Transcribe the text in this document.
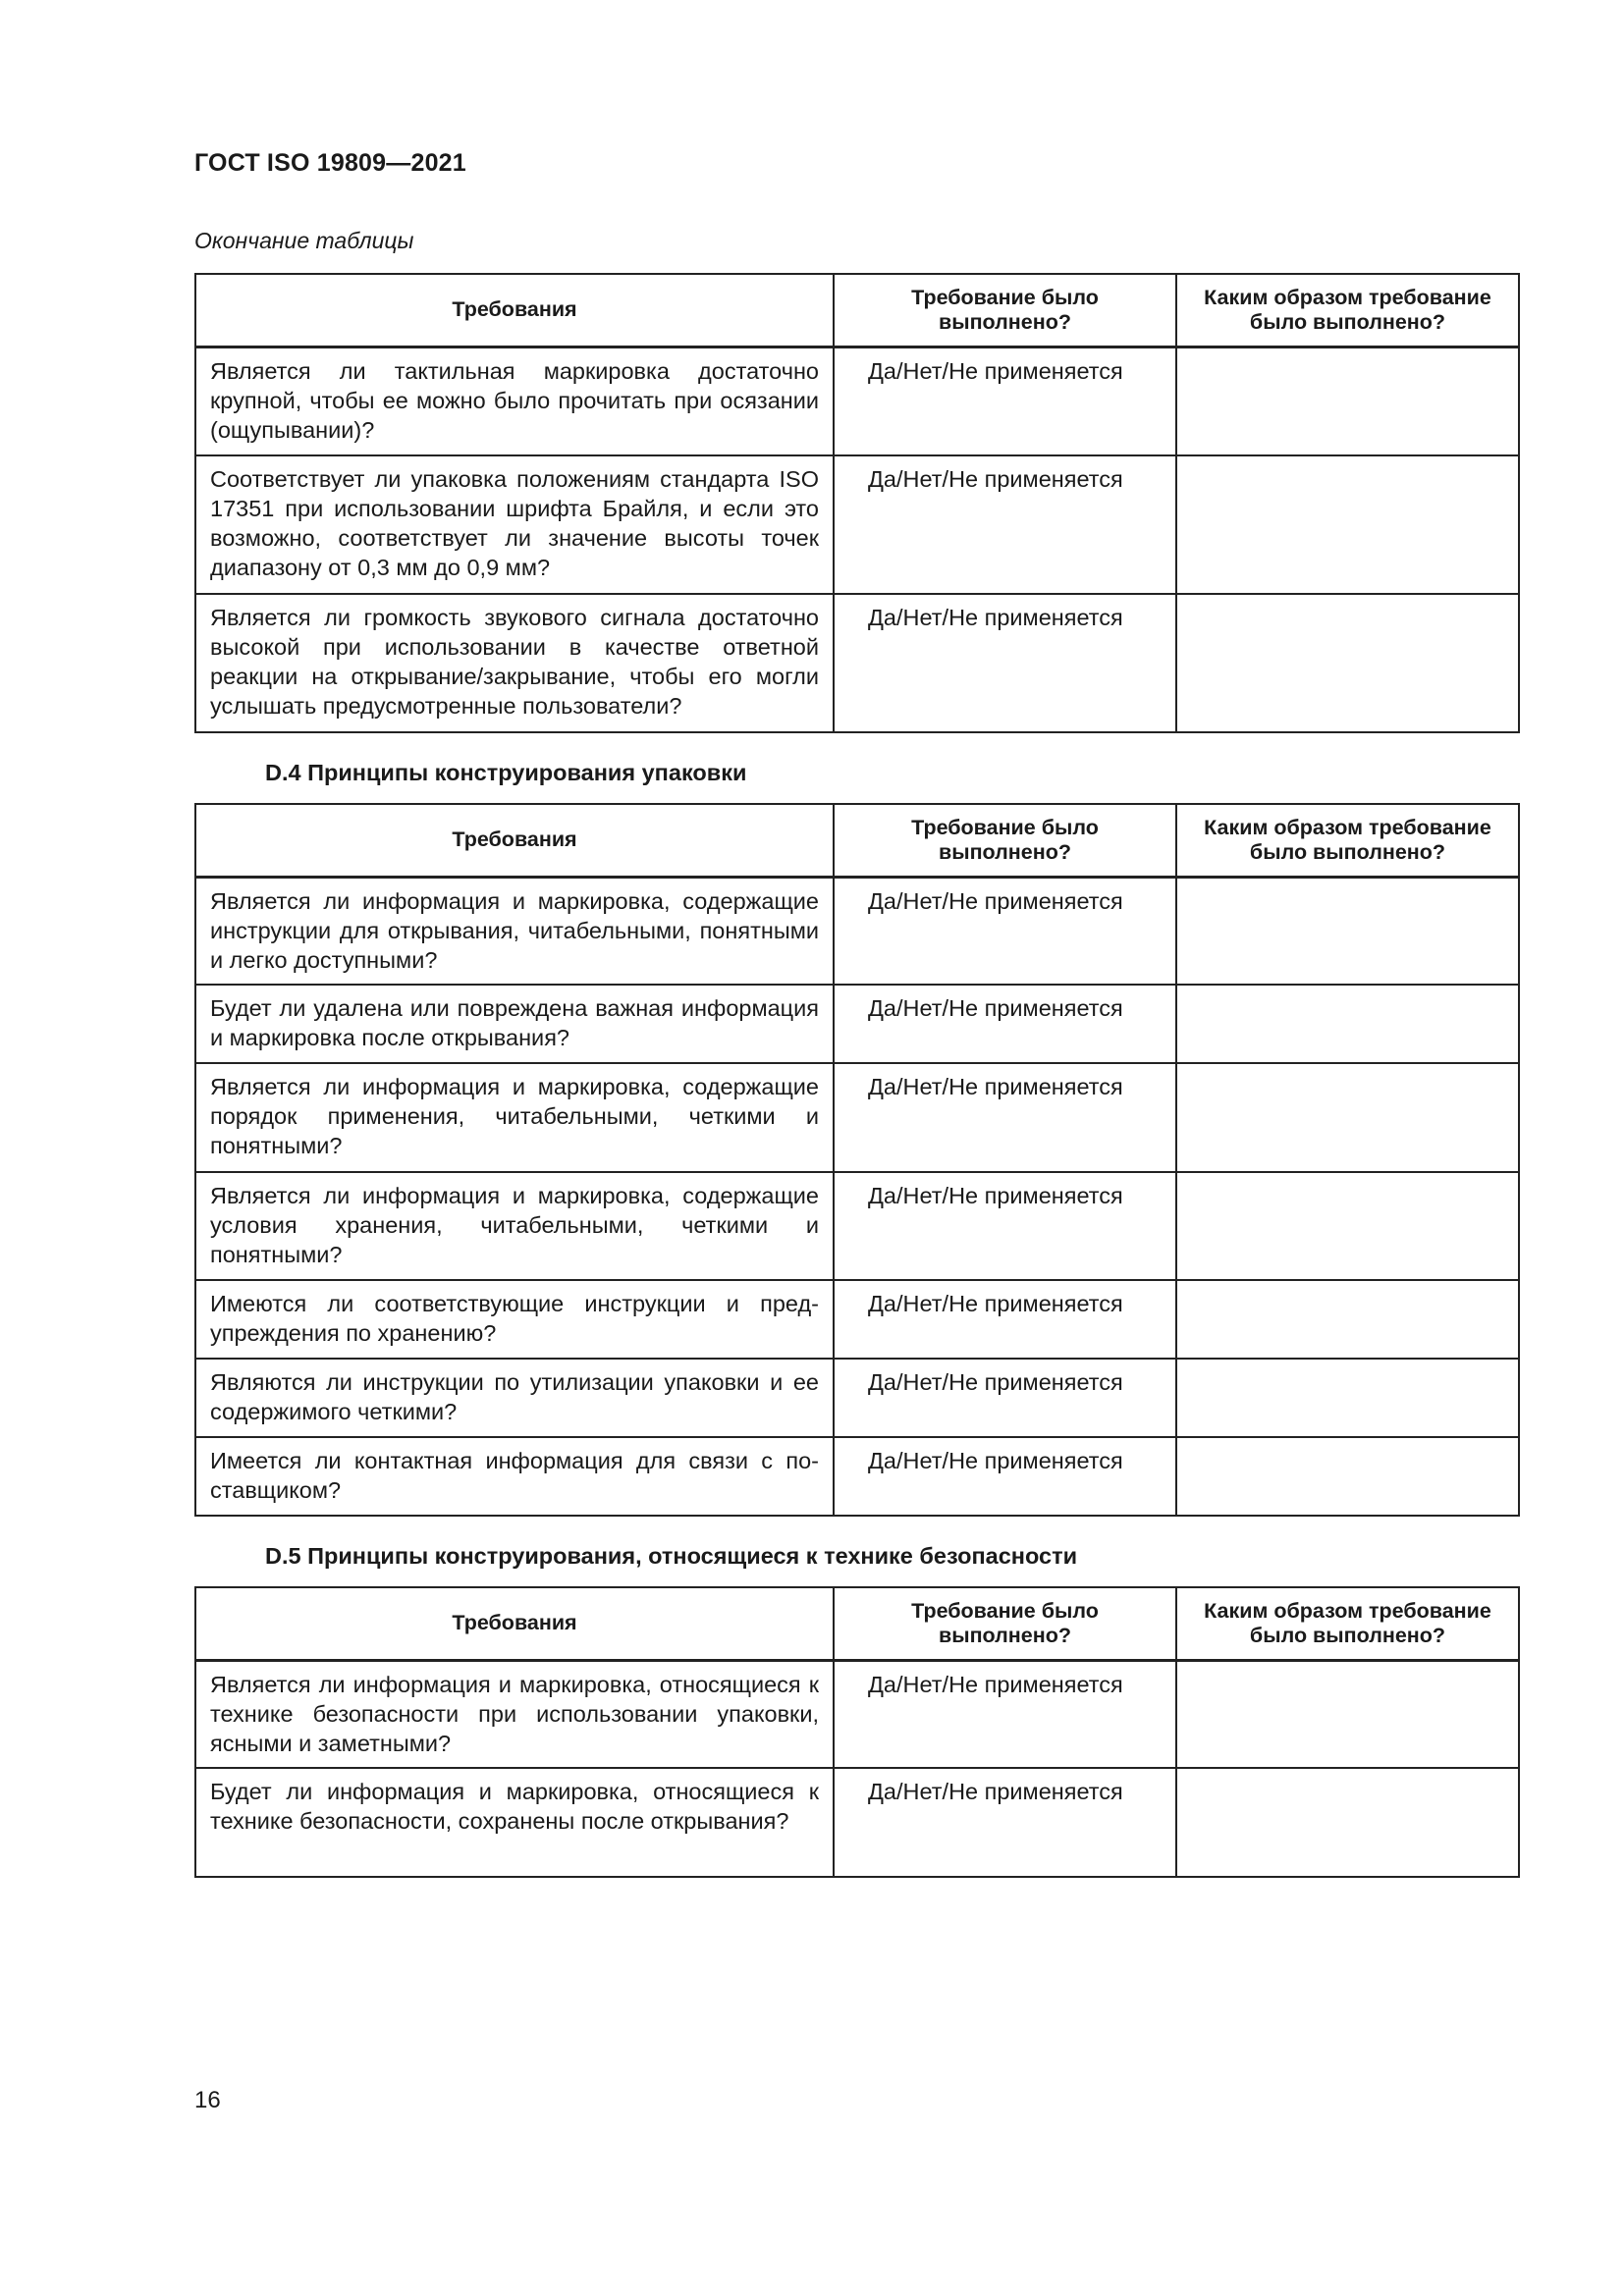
ГОСТ ISO 19809—2021
Окончание таблицы
Требования	Требование было выполнено?	Каким образом требование было выполнено?
Является ли тактильная маркировка достаточно крупной, чтобы ее можно было прочитать при осязании (ощупывании)?	Да/Нет/Не применяется	
Соответствует ли упаковка положениям стандарта ISO 17351 при использовании шрифта Брайля, и если это возможно, соответствует ли значение высоты точек диапазону от 0,3 мм до 0,9 мм?	Да/Нет/Не применяется	
Является ли громкость звукового сигнала достаточно высокой при использовании в качестве ответной реакции на открывание/закрывание, чтобы его могли услышать предусмотренные пользователи?	Да/Нет/Не применяется	
D.4 Принципы конструирования упаковки
Требования	Требование было выполнено?	Каким образом требование было выполнено?
Является ли информация и маркировка, содержащие инструкции для открывания, читабельными, понятными и легко доступными?	Да/Нет/Не применяется	
Будет ли удалена или повреждена важная информация и маркировка после открывания?	Да/Нет/Не применяется	
Является ли информация и маркировка, содержащие порядок применения, читабельными, четкими и понятными?	Да/Нет/Не применяется	
Является ли информация и маркировка, содержащие условия хранения, читабельными, четкими и понятными?	Да/Нет/Не применяется	
Имеются ли соответствующие инструкции и предупреждения по хранению?	Да/Нет/Не применяется	
Являются ли инструкции по утилизации упаковки и ее содержимого четкими?	Да/Нет/Не применяется	
Имеется ли контактная информация для связи с поставщиком?	Да/Нет/Не применяется	
D.5 Принципы конструирования, относящиеся к технике безопасности
Требования	Требование было выполнено?	Каким образом требование было выполнено?
Является ли информация и маркировка, относящиеся к технике безопасности при использовании упаковки, ясными и заметными?	Да/Нет/Не применяется	
Будет ли информация и маркировка, относящиеся к технике безопасности, сохранены после открывания?	Да/Нет/Не применяется	
16
